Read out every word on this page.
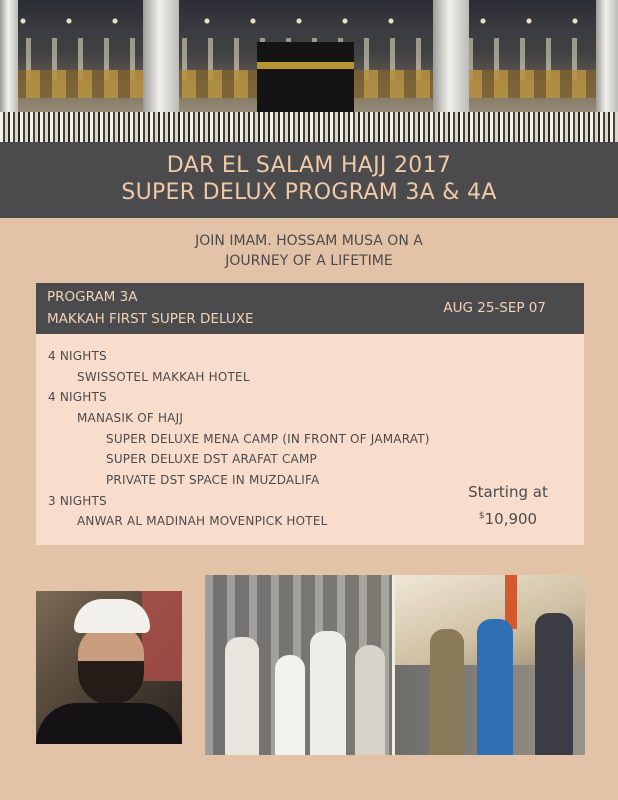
DAR EL SALAM HAJJ 2017
SUPER DELUX PROGRAM 3A & 4A
JOIN IMAM. HOSSAM MUSA ON A
JOURNEY OF A LIFETIME
PROGRAM 3A
MAKKAH FIRST SUPER DELUXE
AUG 25-SEP 07
4 NIGHTS
SWISSOTEL MAKKAH HOTEL
4 NIGHTS
MANASIK OF HAJJ
SUPER DELUXE MENA CAMP (IN FRONT OF JAMARAT)
SUPER DELUXE DST ARAFAT CAMP
PRIVATE DST SPACE IN MUZDALIFA
3 NIGHTS
ANWAR AL MADINAH MOVENPICK HOTEL
Starting at
$10,900
